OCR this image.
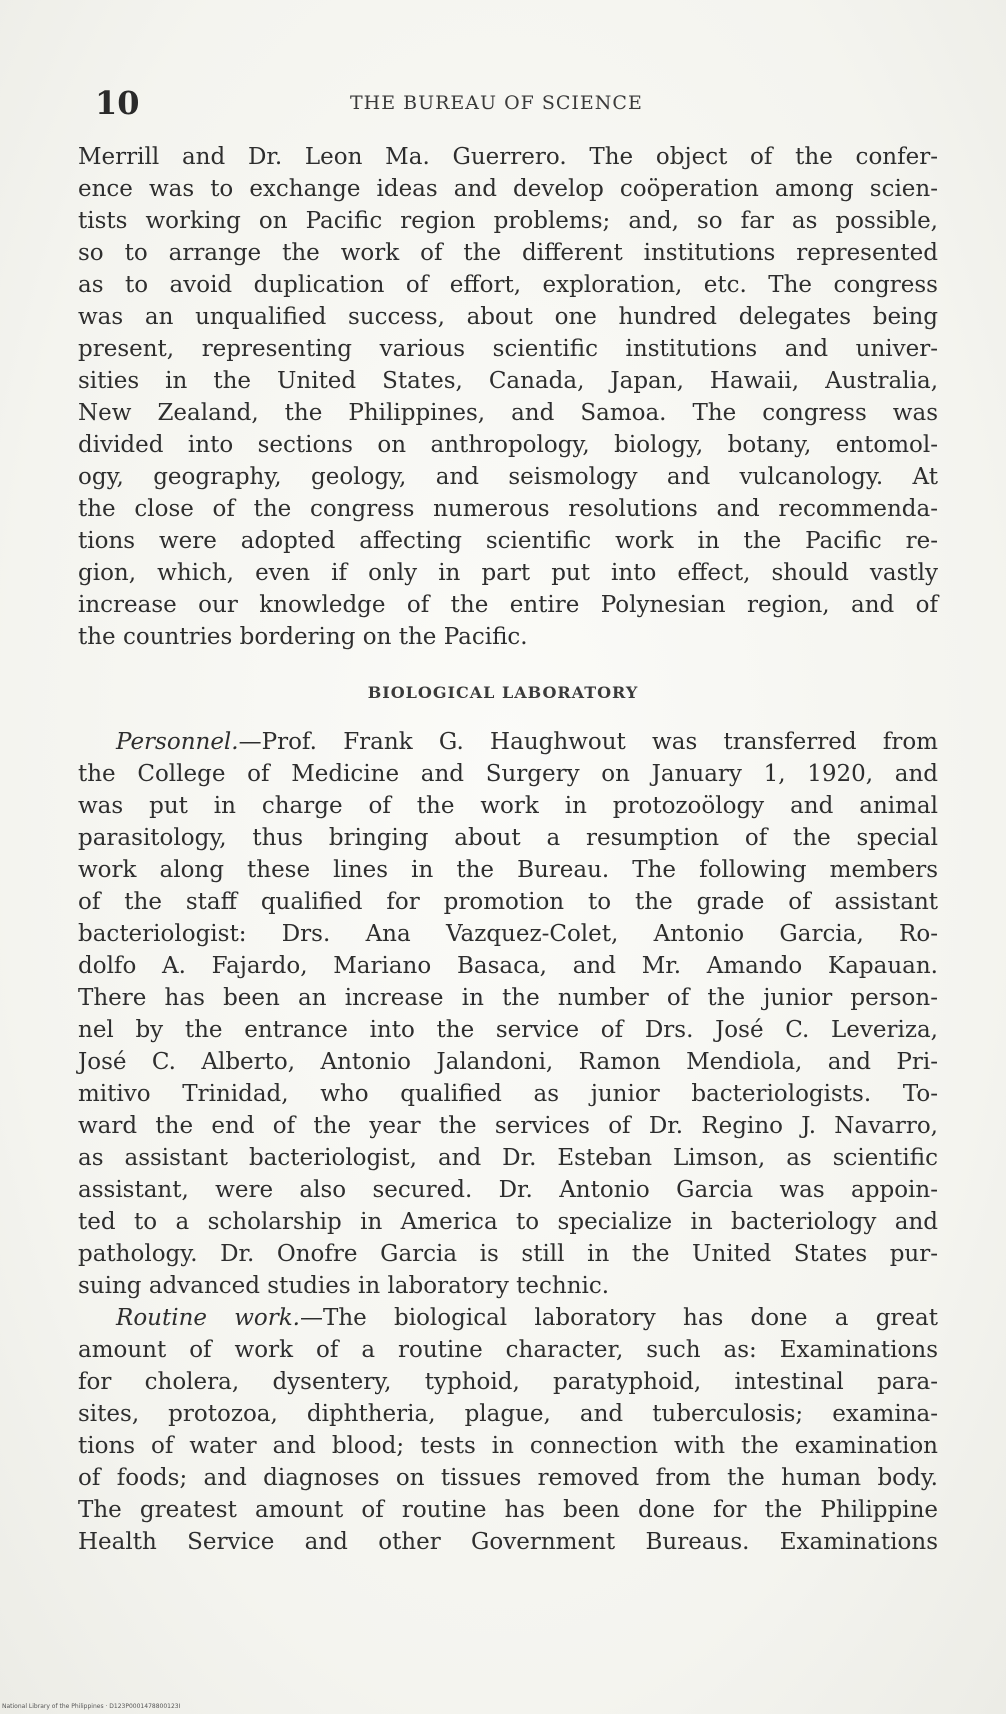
10	THE BUREAU OF SCIENCE
Merrill and Dr. Leon Ma. Guerrero. The object of the confer-
ence was to exchange ideas and develop coöperation among scien-
tists working on Pacific region problems; and, so far as possible,
so to arrange the work of the different institutions represented
as to avoid duplication of effort, exploration, etc. The congress
was an unqualified success, about one hundred delegates being
present, representing various scientific institutions and univer-
sities in the United States, Canada, Japan, Hawaii, Australia,
New Zealand, the Philippines, and Samoa. The congress was
divided into sections on anthropology, biology, botany, entomol-
ogy, geography, geology, and seismology and vulcanology. At
the close of the congress numerous resolutions and recommenda-
tions were adopted affecting scientific work in the Pacific re-
gion, which, even if only in part put into effect, should vastly
increase our knowledge of the entire Polynesian region, and of
the countries bordering on the Pacific.
BIOLOGICAL LABORATORY
Personnel.—Prof. Frank G. Haughwout was transferred from
the College of Medicine and Surgery on January 1, 1920, and
was put in charge of the work in protozoölogy and animal
parasitology, thus bringing about a resumption of the special
work along these lines in the Bureau. The following members
of the staff qualified for promotion to the grade of assistant
bacteriologist: Drs. Ana Vazquez-Colet, Antonio Garcia, Ro-
dolfo A. Fajardo, Mariano Basaca, and Mr. Amando Kapauan.
There has been an increase in the number of the junior person-
nel by the entrance into the service of Drs. José C. Leveriza,
José C. Alberto, Antonio Jalandoni, Ramon Mendiola, and Pri-
mitivo Trinidad, who qualified as junior bacteriologists. To-
ward the end of the year the services of Dr. Regino J. Navarro,
as assistant bacteriologist, and Dr. Esteban Limson, as scientific
assistant, were also secured. Dr. Antonio Garcia was appoin-
ted to a scholarship in America to specialize in bacteriology and
pathology. Dr. Onofre Garcia is still in the United States pur-
suing advanced studies in laboratory technic.
Routine work.—The biological laboratory has done a great
amount of work of a routine character, such as: Examinations
for cholera, dysentery, typhoid, paratyphoid, intestinal para-
sites, protozoa, diphtheria, plague, and tuberculosis; examina-
tions of water and blood; tests in connection with the examination
of foods; and diagnoses on tissues removed from the human body.
The greatest amount of routine has been done for the Philippine
Health Service and other Government Bureaus. Examinations
National Library of the Philippines · D123P0001478800123I
